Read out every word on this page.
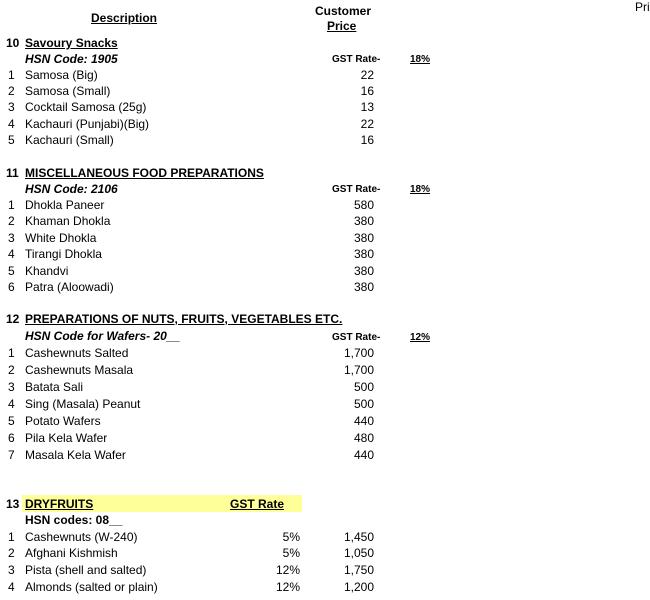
Description	Customer
Price
Pri
10 Savoury Snacks
HSN Code: 1905	GST Rate-	18%
1 Samosa (Big)	22
2 Samosa (Small)	16
3 Cocktail Samosa (25g)	13
4 Kachauri (Punjabi)(Big)	22
5 Kachauri (Small)	16
11 MISCELLANEOUS FOOD PREPARATIONS
HSN Code: 2106	GST Rate-	18%
1 Dhokla Paneer	580
2 Khaman Dhokla	380
3 White Dhokla	380
4 Tirangi Dhokla	380
5 Khandvi	380
6 Patra (Aloowadi)	380
12 PREPARATIONS OF NUTS, FRUITS, VEGETABLES ETC.
HSN Code for Wafers- 20__	GST Rate-	12%
1 Cashewnuts Salted	1,700
2 Cashewnuts Masala	1,700
3 Batata Sali	500
4 Sing (Masala) Peanut	500
5 Potato Wafers	440
6 Pila Kela Wafer	480
7 Masala Kela Wafer	440
13 DRYFRUITS	GST Rate
HSN codes: 08__
1 Cashewnuts (W-240)	5%	1,450
2 Afghani Kishmish	5%	1,050
3 Pista (shell and salted)	12%	1,750
4 Almonds (salted or plain)	12%	1,200
